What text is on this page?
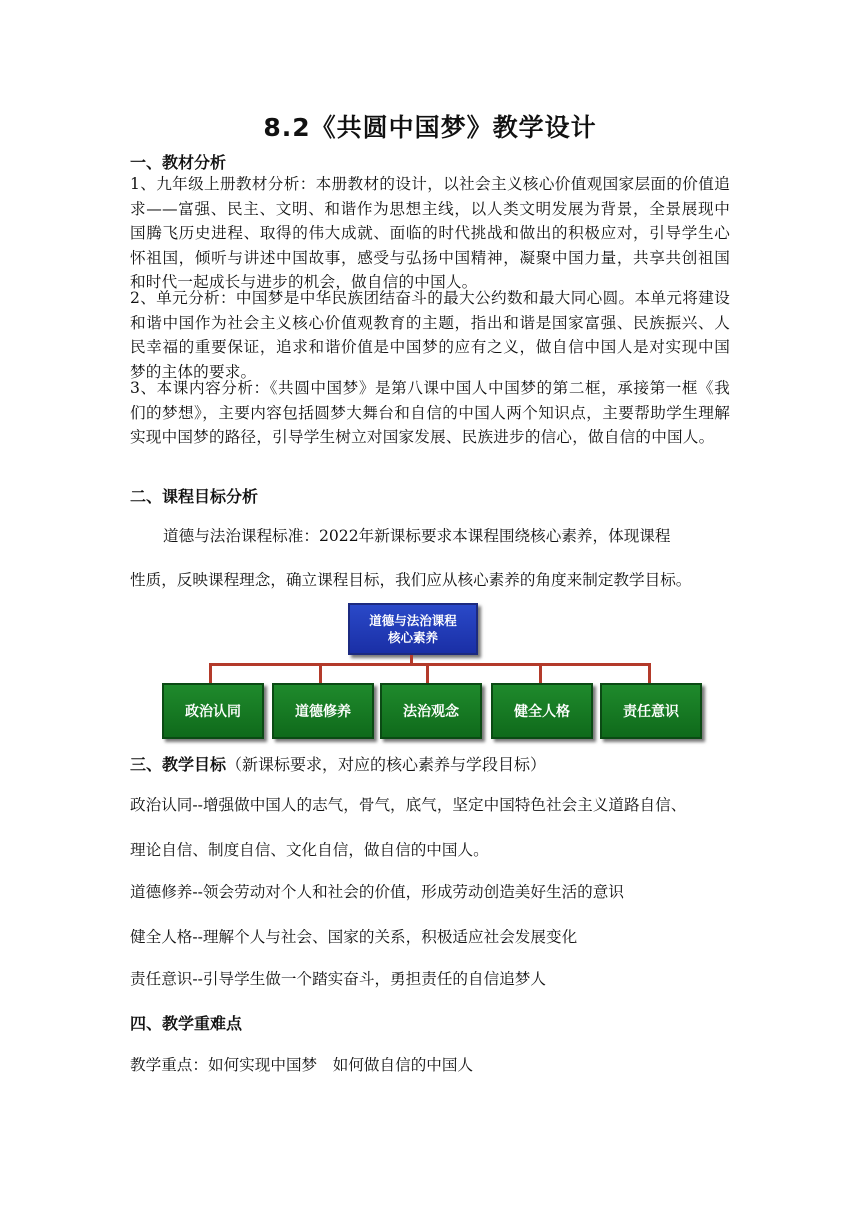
8.2《共圆中国梦》教学设计
一、教材分析
1、九年级上册教材分析：本册教材的设计，以社会主义核心价值观国家层面的价值追求——富强、民主、文明、和谐作为思想主线，以人类文明发展为背景，全景展现中国腾飞历史进程、取得的伟大成就、面临的时代挑战和做出的积极应对，引导学生心怀祖国，倾听与讲述中国故事，感受与弘扬中国精神，凝聚中国力量，共享共创祖国和时代一起成长与进步的机会，做自信的中国人。
2、单元分析：中国梦是中华民族团结奋斗的最大公约数和最大同心圆。本单元将建设和谐中国作为社会主义核心价值观教育的主题，指出和谐是国家富强、民族振兴、人民幸福的重要保证，追求和谐价值是中国梦的应有之义，做自信中国人是对实现中国梦的主体的要求。
3、本课内容分析：《共圆中国梦》是第八课中国人中国梦的第二框，承接第一框《我们的梦想》，主要内容包括圆梦大舞台和自信的中国人两个知识点，主要帮助学生理解实现中国梦的路径，引导学生树立对国家发展、民族进步的信心，做自信的中国人。
二、课程目标分析
道德与法治课程标准：2022年新课标要求本课程围绕核心素养，体现课程
性质，反映课程理念，确立课程目标，我们应从核心素养的角度来制定教学目标。
道德与法治课程
核心素养
政治认同	道德修养	法治观念	健全人格	责任意识
三、教学目标（新课标要求，对应的核心素养与学段目标）
政治认同--增强做中国人的志气，骨气，底气，坚定中国特色社会主义道路自信、
理论自信、制度自信、文化自信，做自信的中国人。
道德修养--领会劳动对个人和社会的价值，形成劳动创造美好生活的意识
健全人格--理解个人与社会、国家的关系，积极适应社会发展变化
责任意识--引导学生做一个踏实奋斗，勇担责任的自信追梦人
四、教学重难点
教学重点：如何实现中国梦　如何做自信的中国人
